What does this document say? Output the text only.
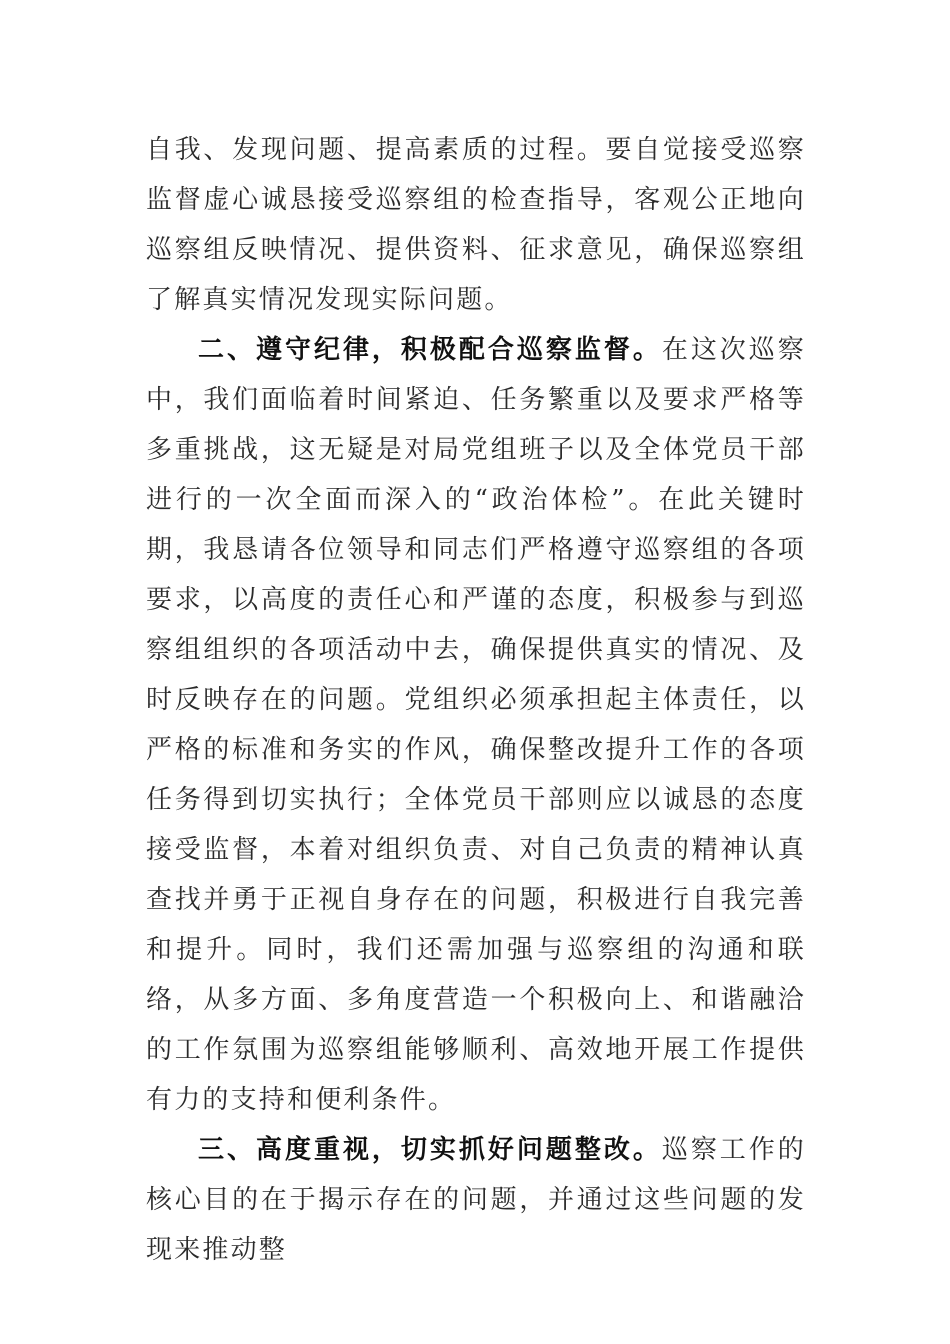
自我、发现问题、提高素质的过程。要自觉接受巡察监督虚心诚恳接受巡察组的检查指导，客观公正地向巡察组反映情况、提供资料、征求意见，确保巡察组了解真实情况发现实际问题。

二、遵守纪律，积极配合巡察监督。在这次巡察中，我们面临着时间紧迫、任务繁重以及要求严格等多重挑战，这无疑是对局党组班子以及全体党员干部进行的一次全面而深入的“政治体检”。在此关键时期，我恳请各位领导和同志们严格遵守巡察组的各项要求，以高度的责任心和严谨的态度，积极参与到巡察组组织的各项活动中去，确保提供真实的情况、及时反映存在的问题。党组织必须承担起主体责任，以严格的标准和务实的作风，确保整改提升工作的各项任务得到切实执行；全体党员干部则应以诚恳的态度接受监督，本着对组织负责、对自己负责的精神认真查找并勇于正视自身存在的问题，积极进行自我完善和提升。同时，我们还需加强与巡察组的沟通和联络，从多方面、多角度营造一个积极向上、和谐融洽的工作氛围为巡察组能够顺利、高效地开展工作提供有力的支持和便利条件。

三、高度重视，切实抓好问题整改。巡察工作的核心目的在于揭示存在的问题，并通过这些问题的发现来推动整
